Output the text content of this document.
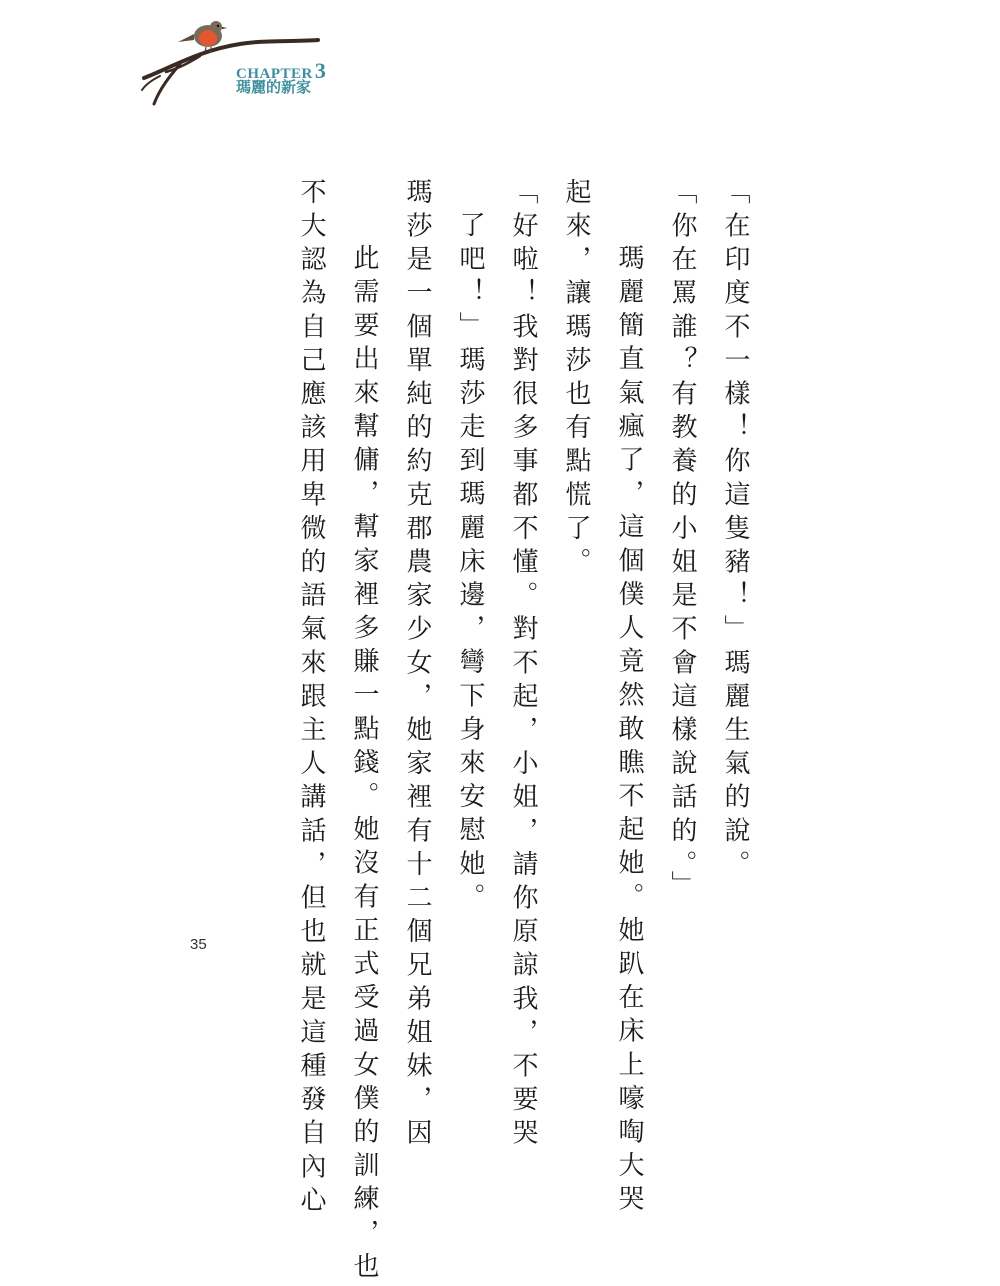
CHAPTER3
瑪麗的新家
「在印度不一樣！你這隻豬！」瑪麗生氣的說。
「你在罵誰？有教養的小姐是不會這樣說話的。」
瑪麗簡直氣瘋了，這個僕人竟然敢瞧不起她。她趴在床上嚎啕大哭
起來，讓瑪莎也有點慌了。
「好啦！我對很多事都不懂。對不起，小姐，請你原諒我，不要哭
了吧！」瑪莎走到瑪麗床邊，彎下身來安慰她。
瑪莎是一個單純的約克郡農家少女，她家裡有十二個兄弟姐妹，因
此需要出來幫傭，幫家裡多賺一點錢。她沒有正式受過女僕的訓練，也
不大認為自己應該用卑微的語氣來跟主人講話，但也就是這種發自內心
35
